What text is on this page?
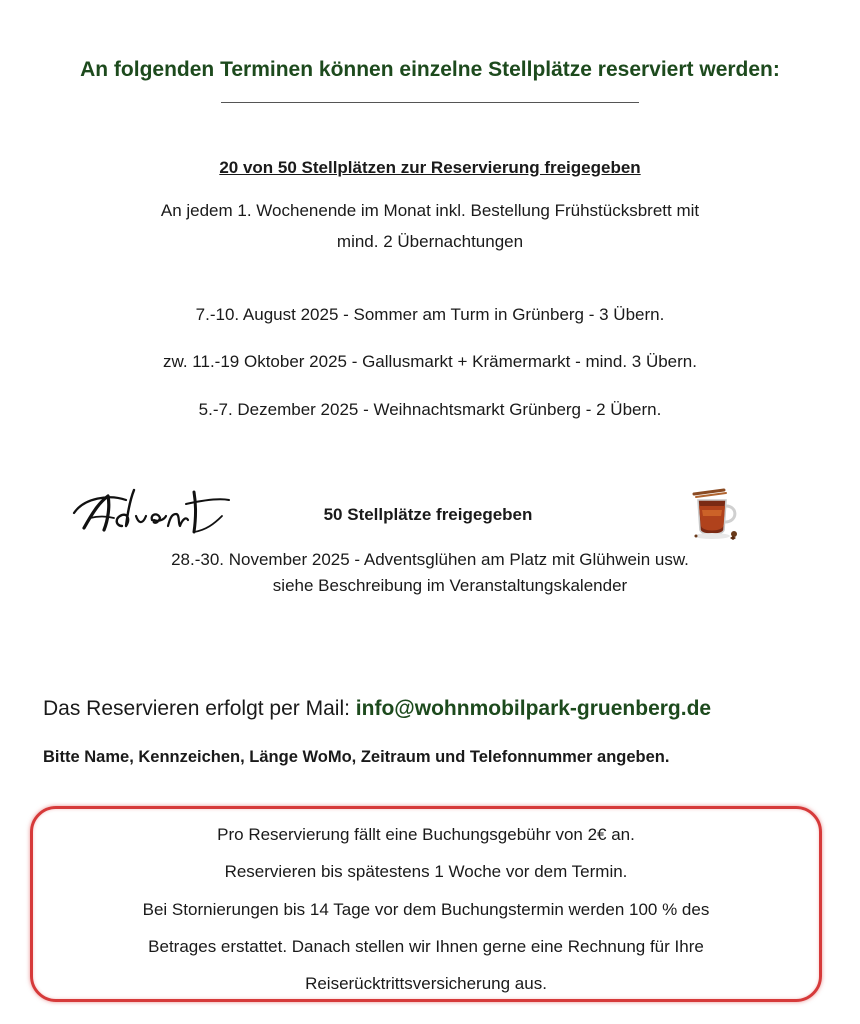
An folgenden Terminen können einzelne Stellplätze reserviert werden:
20 von 50 Stellplätzen zur Reservierung freigegeben
An jedem 1. Wochenende im Monat inkl. Bestellung Frühstücksbrett mit
mind. 2 Übernachtungen
7.-10. August 2025 - Sommer am Turm in Grünberg - 3 Übern.
zw. 11.-19 Oktober 2025 - Gallusmarkt + Krämermarkt - mind. 3 Übern.
5.-7. Dezember 2025 - Weihnachtsmarkt Grünberg - 2 Übern.
50 Stellplätze freigegeben
28.-30. November 2025 - Adventsglühen am Platz mit Glühwein usw.
siehe Beschreibung im Veranstaltungskalender
Das Reservieren erfolgt per Mail: info@wohnmobilpark-gruenberg.de
Bitte Name, Kennzeichen, Länge WoMo, Zeitraum und Telefonnummer angeben.
Pro Reservierung fällt eine Buchungsgebühr von 2€ an.
Reservieren bis spätestens 1 Woche vor dem Termin.
Bei Stornierungen bis 14 Tage vor dem Buchungstermin werden 100 % des
Betrages erstattet. Danach stellen wir Ihnen gerne eine Rechnung für Ihre
Reiserücktrittsversicherung aus.
